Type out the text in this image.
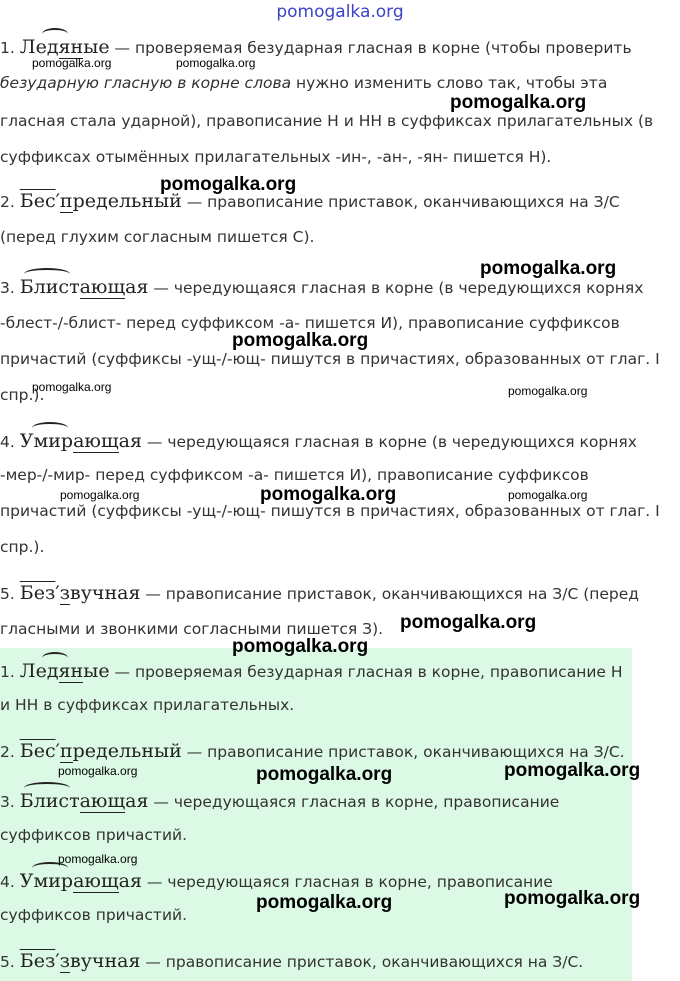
pomogalka.org
1. Ледяные — проверяемая безударная гласная в корне (чтобы проверить
безударную гласную в корне слова нужно изменить слово так, чтобы эта
гласная стала ударной), правописание Н и НН в суффиксах прилагательных (в
суффиксах отымённых прилагательных -ин-, -ан-, -ян- пишется Н).
2. Бес′предельный — правописание приставок, оканчивающихся на З/С
(перед глухим согласным пишется С).
3. Блистающая — чередующаяся гласная в корне (в чередующихся корнях
-блест-/-блист- перед суффиксом -а- пишется И), правописание суффиксов
причастий (суффиксы -ущ-/-ющ- пишутся в причастиях, образованных от глаг. I
спр.).
4. Умирающая — чередующаяся гласная в корне (в чередующихся корнях
-мер-/-мир- перед суффиксом -а- пишется И), правописание суффиксов
причастий (суффиксы -ущ-/-ющ- пишутся в причастиях, образованных от глаг. I
спр.).
5. Без′звучная — правописание приставок, оканчивающихся на З/С (перед
гласными и звонкими согласными пишется З).
1. Ледяные — проверяемая безударная гласная в корне, правописание Н
и НН в суффиксах прилагательных.
2. Бес′предельный — правописание приставок, оканчивающихся на З/С.
3. Блистающая — чередующаяся гласная в корне, правописание
суффиксов причастий.
4. Умирающая — чередующаяся гласная в корне, правописание
суффиксов причастий.
5. Без′звучная — правописание приставок, оканчивающихся на З/С.
pomogalka.org	pomogalka.org
pomogalka.org
pomogalka.org
pomogalka.org
pomogalka.org
pomogalka.org	pomogalka.org
pomogalka.org	pomogalka.org	pomogalka.org
pomogalka.org
pomogalka.org
pomogalka.org	pomogalka.org	pomogalka.org
pomogalka.org
pomogalka.org	pomogalka.org
